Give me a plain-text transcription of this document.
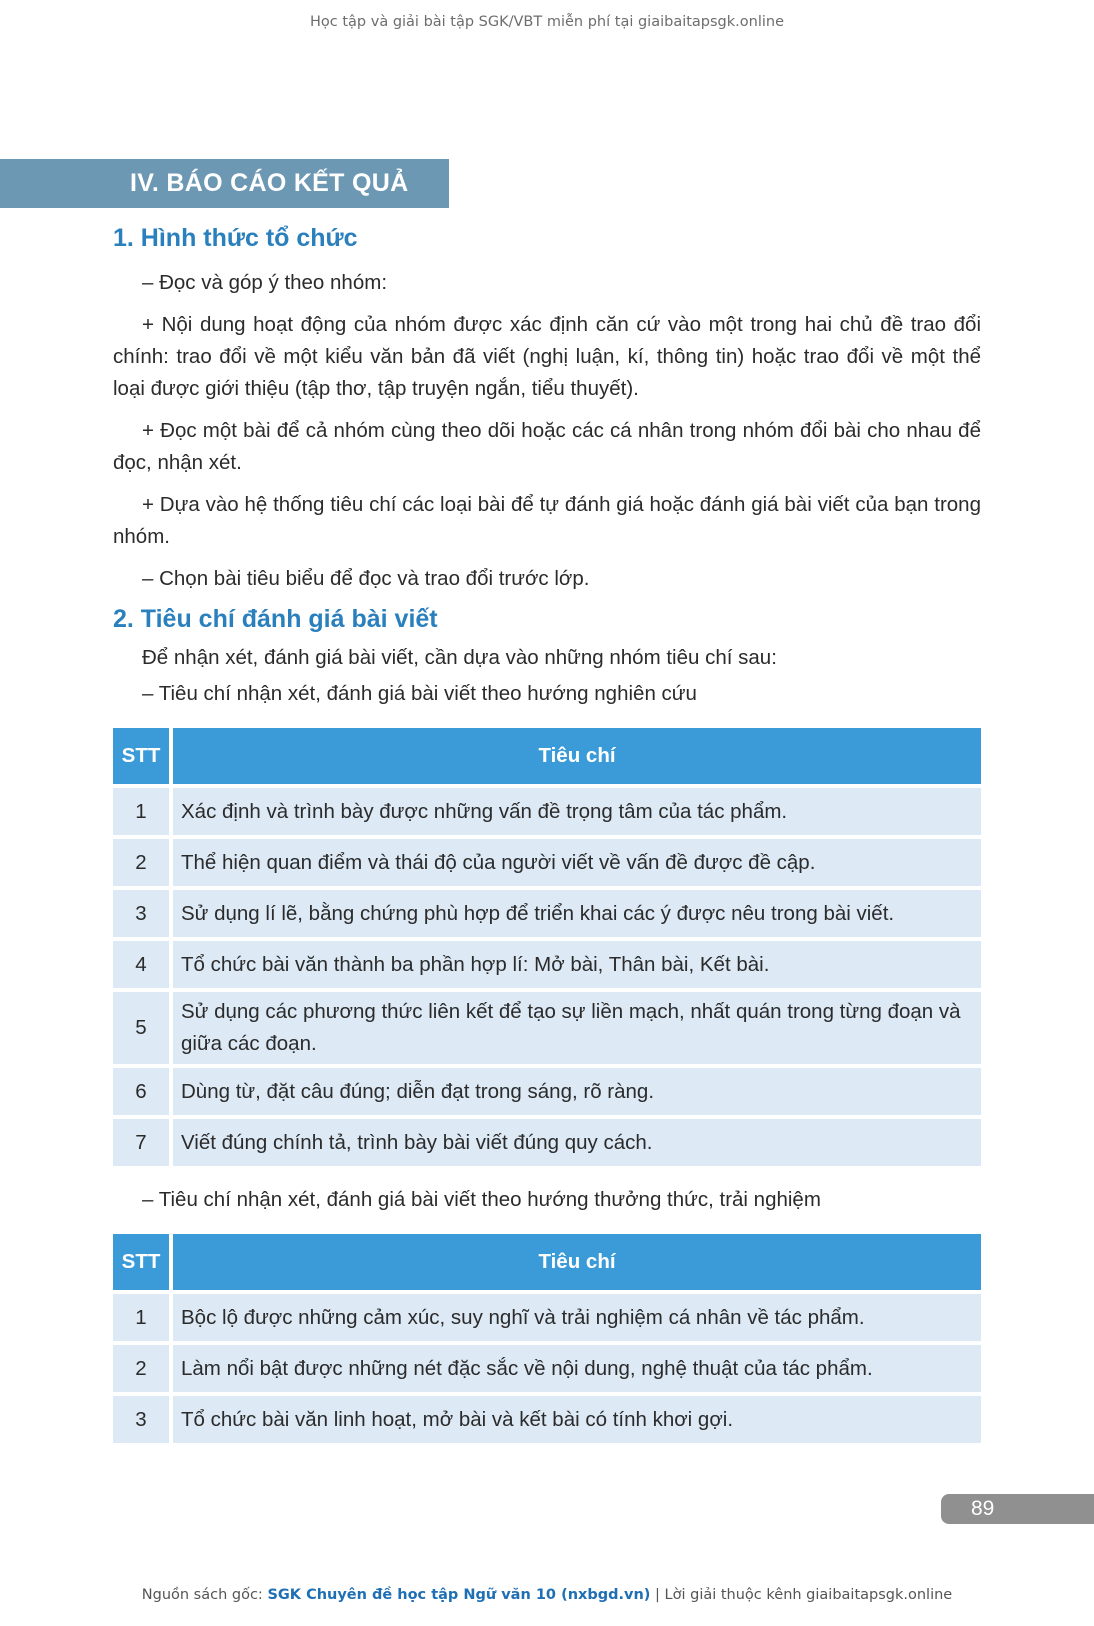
Học tập và giải bài tập SGK/VBT miễn phí tại giaibaitapsgk.online
IV. BÁO CÁO KẾT QUẢ
1. Hình thức tổ chức

– Đọc và góp ý theo nhóm:

+ Nội dung hoạt động của nhóm được xác định căn cứ vào một trong hai chủ đề trao đổi chính: trao đổi về một kiểu văn bản đã viết (nghị luận, kí, thông tin) hoặc trao đổi về một thể loại được giới thiệu (tập thơ, tập truyện ngắn, tiểu thuyết).

+ Đọc một bài để cả nhóm cùng theo dõi hoặc các cá nhân trong nhóm đổi bài cho nhau để đọc, nhận xét.

+ Dựa vào hệ thống tiêu chí các loại bài để tự đánh giá hoặc đánh giá bài viết của bạn trong nhóm.

– Chọn bài tiêu biểu để đọc và trao đổi trước lớp.

2. Tiêu chí đánh giá bài viết

Để nhận xét, đánh giá bài viết, cần dựa vào những nhóm tiêu chí sau:

– Tiêu chí nhận xét, đánh giá bài viết theo hướng nghiên cứu

STT	Tiêu chí
1	Xác định và trình bày được những vấn đề trọng tâm của tác phẩm.
2	Thể hiện quan điểm và thái độ của người viết về vấn đề được đề cập.
3	Sử dụng lí lẽ, bằng chứng phù hợp để triển khai các ý được nêu trong bài viết.
4	Tổ chức bài văn thành ba phần hợp lí: Mở bài, Thân bài, Kết bài.
5	Sử dụng các phương thức liên kết để tạo sự liền mạch, nhất quán trong từng đoạn và giữa các đoạn.
6	Dùng từ, đặt câu đúng; diễn đạt trong sáng, rõ ràng.
7	Viết đúng chính tả, trình bày bài viết đúng quy cách.

– Tiêu chí nhận xét, đánh giá bài viết theo hướng thưởng thức, trải nghiệm

STT	Tiêu chí
1	Bộc lộ được những cảm xúc, suy nghĩ và trải nghiệm cá nhân về tác phẩm.
2	Làm nổi bật được những nét đặc sắc về nội dung, nghệ thuật của tác phẩm.
3	Tổ chức bài văn linh hoạt, mở bài và kết bài có tính khơi gợi.
89
Nguồn sách gốc: SGK Chuyên đề học tập Ngữ văn 10 (nxbgd.vn) | Lời giải thuộc kênh giaibaitapsgk.online
